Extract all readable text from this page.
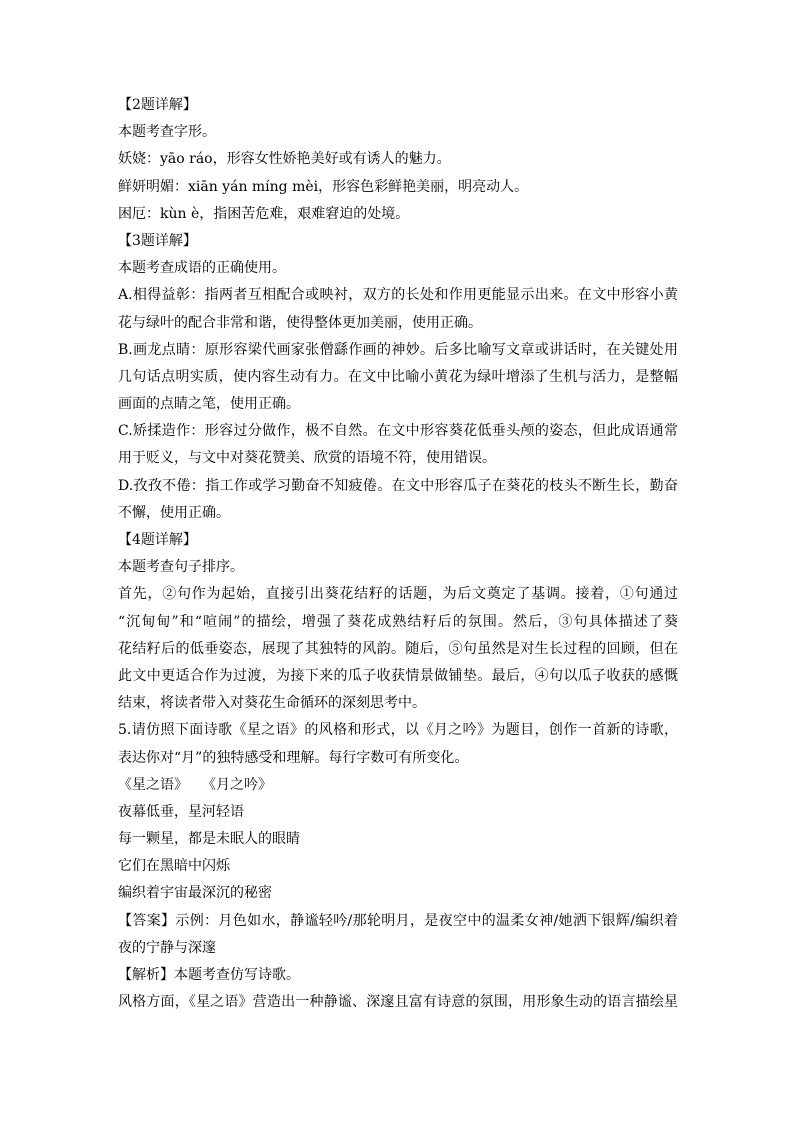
【2题详解】
本题考查字形。
妖娆：yāo ráo，形容女性娇艳美好或有诱人的魅力。
鲜妍明媚：xiān yán míng mèi，形容色彩鲜艳美丽，明亮动人。
困厄：kùn è，指困苦危难，艰难窘迫的处境。
【3题详解】
本题考查成语的正确使用。
A.相得益彰：指两者互相配合或映衬，双方的长处和作用更能显示出来。在文中形容小黄
花与绿叶的配合非常和谐，使得整体更加美丽，使用正确。
B.画龙点睛：原形容梁代画家张僧繇作画的神妙。后多比喻写文章或讲话时，在关键处用
几句话点明实质，使内容生动有力。在文中比喻小黄花为绿叶增添了生机与活力，是整幅
画面的点睛之笔，使用正确。
C.矫揉造作：形容过分做作，极不自然。在文中形容葵花低垂头颅的姿态，但此成语通常
用于贬义，与文中对葵花赞美、欣赏的语境不符，使用错误。
D.孜孜不倦：指工作或学习勤奋不知疲倦。在文中形容瓜子在葵花的枝头不断生长，勤奋
不懈，使用正确。
【4题详解】
本题考查句子排序。
首先，②句作为起始，直接引出葵花结籽的话题，为后文奠定了基调。接着，①句通过
“沉甸甸”和“喧闹”的描绘，增强了葵花成熟结籽后的氛围。然后，③句具体描述了葵
花结籽后的低垂姿态，展现了其独特的风韵。随后，⑤句虽然是对生长过程的回顾，但在
此文中更适合作为过渡，为接下来的瓜子收获情景做铺垫。最后，④句以瓜子收获的感慨
结束，将读者带入对葵花生命循环的深刻思考中。
5.请仿照下面诗歌《星之语》的风格和形式，以《月之吟》为题目，创作一首新的诗歌，
表达你对“月”的独特感受和理解。每行字数可有所变化。
《星之语》　　《月之吟》
夜幕低垂，星河轻语
每一颗星，都是未眠人的眼睛
它们在黑暗中闪烁
编织着宇宙最深沉的秘密
【答案】示例：月色如水，静谧轻吟/那轮明月，是夜空中的温柔女神/她洒下银辉/编织着
夜的宁静与深邃
【解析】本题考查仿写诗歌。
风格方面，《星之语》营造出一种静谧、深邃且富有诗意的氛围，用形象生动的语言描绘星
